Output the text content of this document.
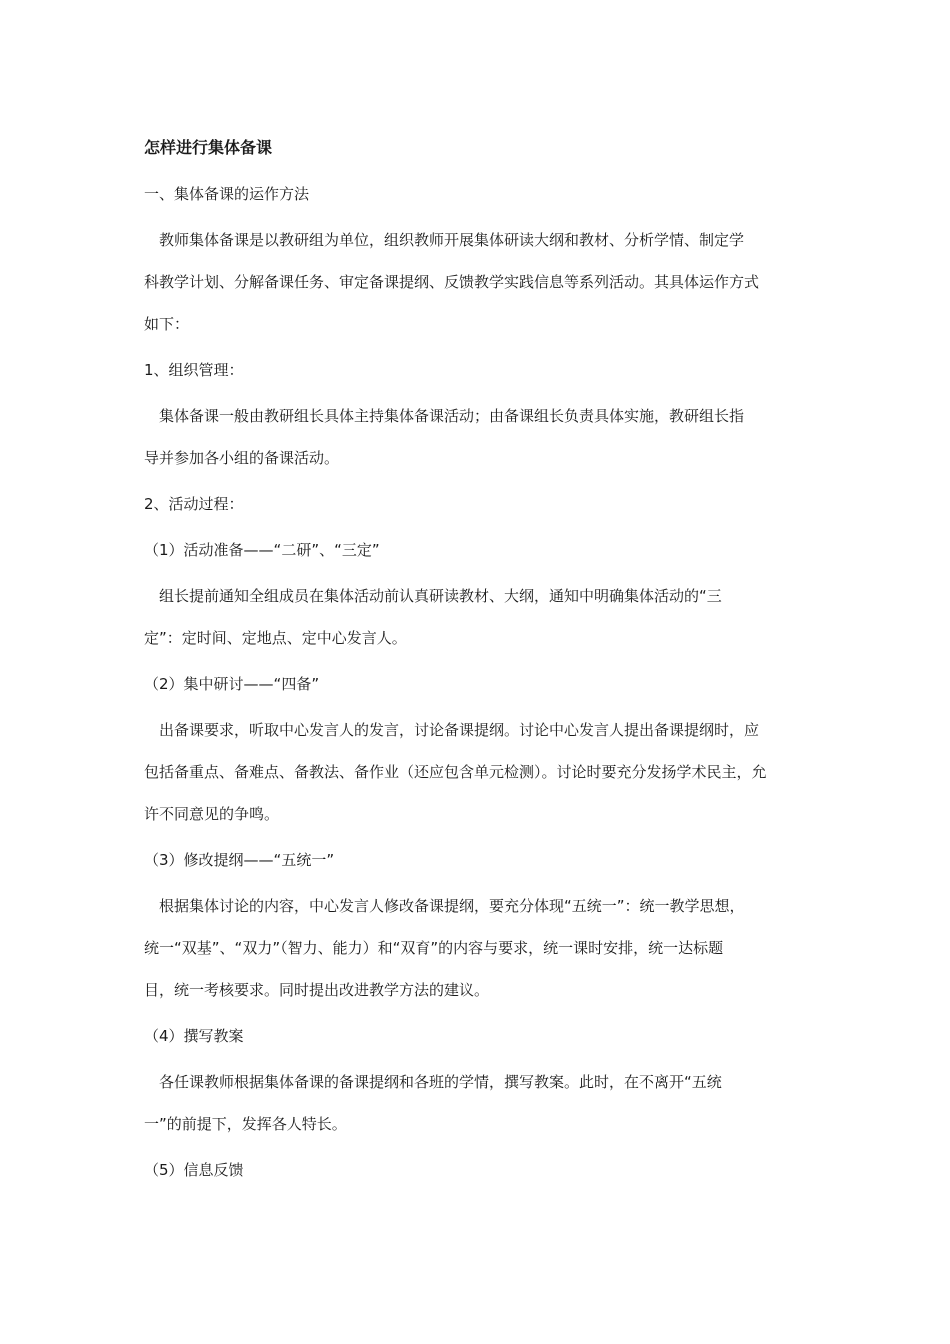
怎样进行集体备课
一、集体备课的运作方法
　教师集体备课是以教研组为单位，组织教师开展集体研读大纲和教材、分析学情、制定学
科教学计划、分解备课任务、审定备课提纲、反馈教学实践信息等系列活动。其具体运作方式
如下：
1、组织管理：
　集体备课一般由教研组长具体主持集体备课活动；由备课组长负责具体实施，教研组长指
导并参加各小组的备课活动。
2、活动过程：
（1）活动准备——“二研”、“三定”
　组长提前通知全组成员在集体活动前认真研读教材、大纲，通知中明确集体活动的“三
定”：定时间、定地点、定中心发言人。
（2）集中研讨——“四备”
　出备课要求，听取中心发言人的发言，讨论备课提纲。讨论中心发言人提出备课提纲时，应
包括备重点、备难点、备教法、备作业（还应包含单元检测）。讨论时要充分发扬学术民主，允
许不同意见的争鸣。
（3）修改提纲——“五统一”
　根据集体讨论的内容，中心发言人修改备课提纲，要充分体现“五统一”：统一教学思想，
统一“双基”、“双力”（智力、能力）和“双育”的内容与要求，统一课时安排，统一达标题
目，统一考核要求。同时提出改进教学方法的建议。
（4）撰写教案
　各任课教师根据集体备课的备课提纲和各班的学情，撰写教案。此时，在不离开“五统
一”的前提下，发挥各人特长。
（5）信息反馈
